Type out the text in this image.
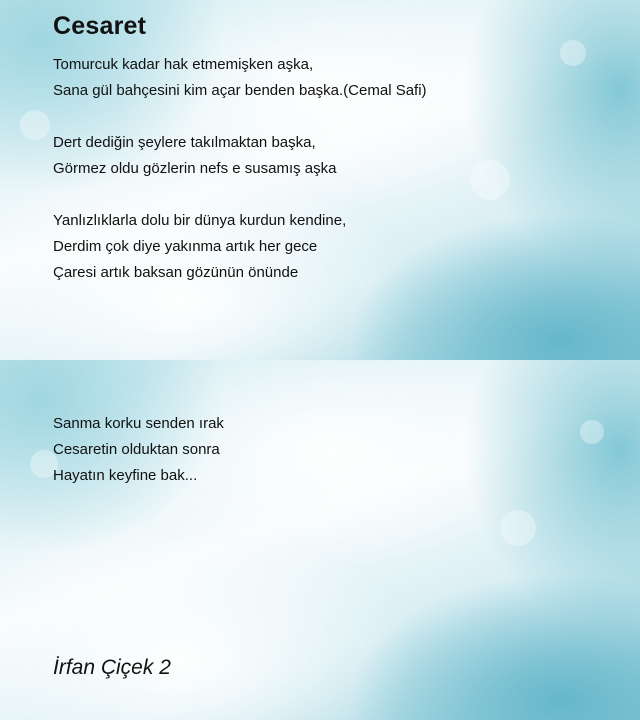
Cesaret
Tomurcuk kadar hak etmemişken aşka,
Sana gül bahçesini kim açar benden başka.(Cemal Safi)
Dert dediğin şeylere takılmaktan başka,
Görmez oldu gözlerin nefs e susamış aşka
Yanlızlıklarla dolu bir dünya kurdun kendine,
Derdim çok diye yakınma artık her gece
Çaresi artık baksan gözünün önünde
Sanma korku senden ırak
Cesaretin olduktan sonra
Hayatın keyfine bak...

İrfan Çiçek 2
